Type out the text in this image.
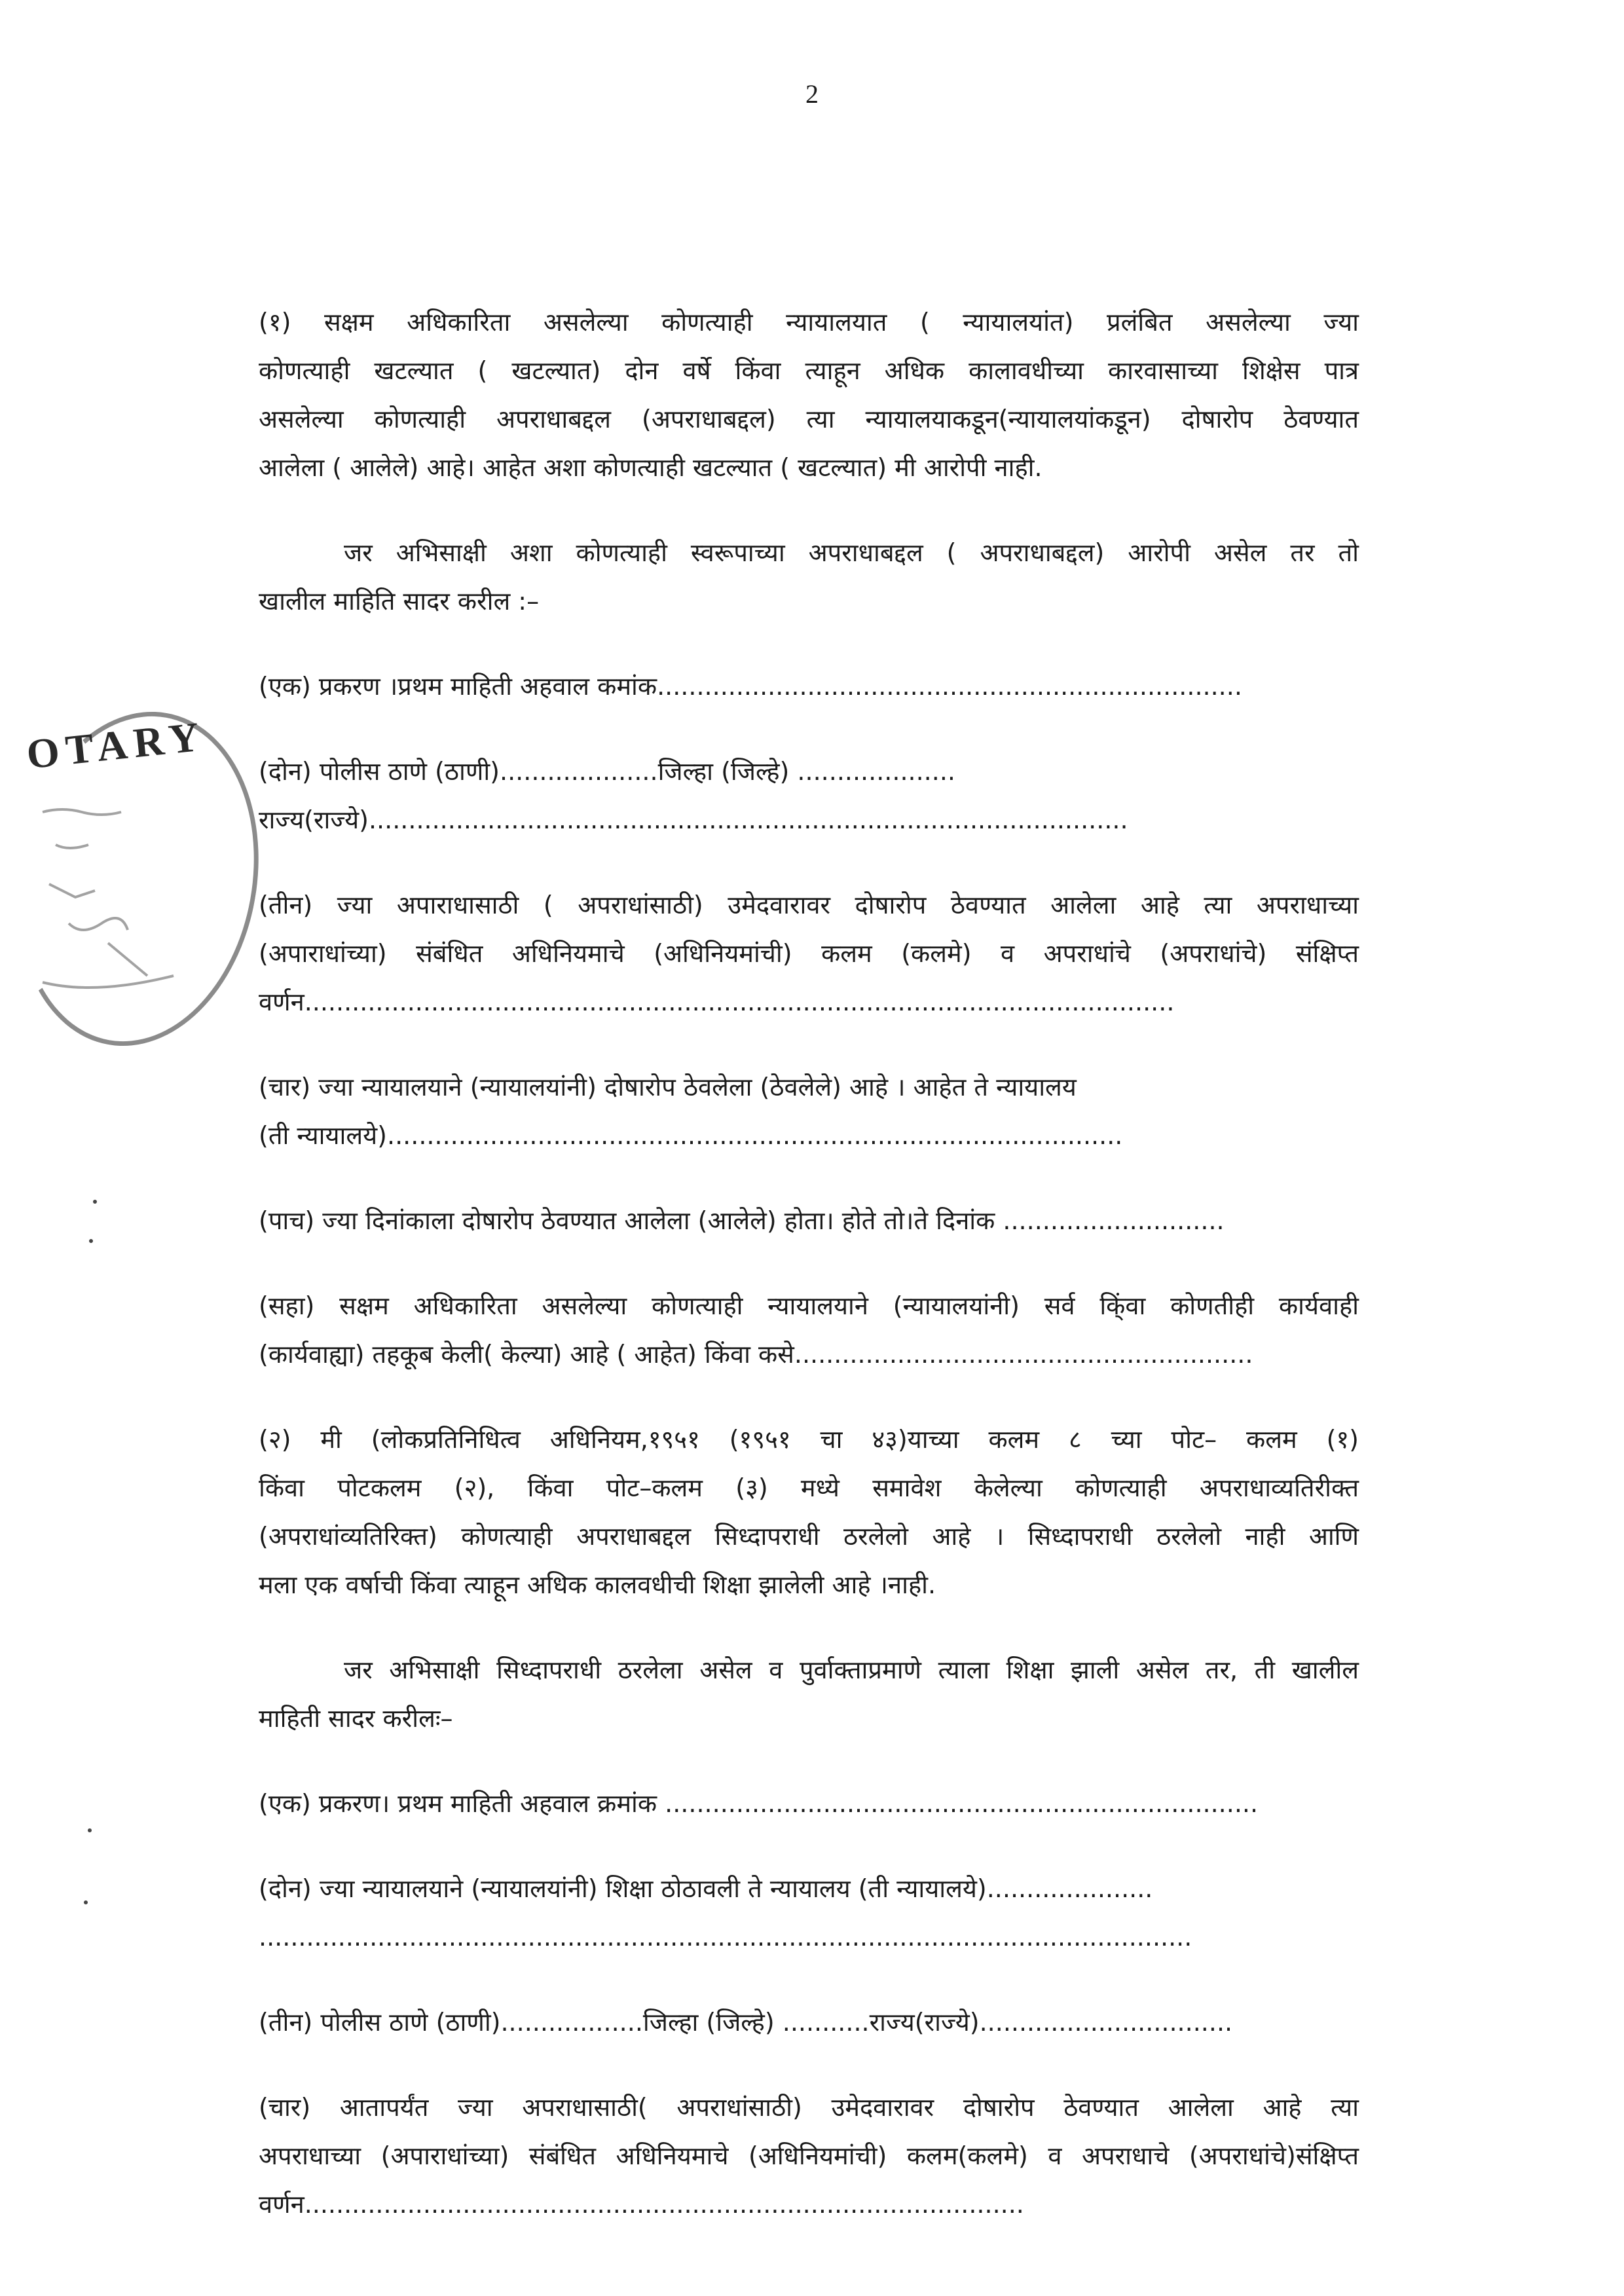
2
OTARY
(१) सक्षम अधिकारिता असलेल्या कोणत्याही न्यायालयात ( न्यायालयांत) प्रलंबित असलेल्या ज्या
कोणत्याही खटल्यात ( खटल्यात) दोन वर्षे किंवा त्याहून अधिक कालावधीच्या कारवासाच्या शिक्षेस पात्र
असलेल्या कोणत्याही अपराधाबद्दल (अपराधाबद्दल) त्या न्यायालयाकडून(न्यायालयांकडून) दोषारोप ठेवण्यात
आलेला ( आलेले) आहे। आहेत अशा कोणत्याही खटल्यात ( खटल्यात) मी आरोपी नाही.
जर अभिसाक्षी अशा कोणत्याही स्वरूपाच्या अपराधाबद्दल ( अपराधाबद्दल) आरोपी असेल तर तो
खालील माहिति सादर करील :–
(एक) प्रकरण ।प्रथम माहिती अहवाल कमांक..........................................................................
(दोन) पोलीस ठाणे (ठाणी)....................जिल्हा (जिल्हे) ....................
राज्य(राज्ये)................................................................................................
(तीन) ज्या अपाराधासाठी ( अपराधांसाठी) उमेदवारावर दोषारोप ठेवण्यात आलेला आहे त्या अपराधाच्या
(अपाराधांच्या) संबंधित अधिनियमाचे (अधिनियमांची) कलम (कलमे) व अपराधांचे (अपराधांचे) संक्षिप्त
वर्णन..............................................................................................................
(चार) ज्या न्यायालयाने (न्यायालयांनी) दोषारोप ठेवलेला (ठेवलेले) आहे । आहेत ते न्यायालय
(ती न्यायालये).............................................................................................
(पाच) ज्या दिनांकाला दोषारोप ठेवण्यात आलेला (आलेले) होता। होते तो।ते दिनांक ............................
(सहा) सक्षम अधिकारिता असलेल्या कोणत्याही न्यायालयाने (न्यायालयांनी) सर्व कि्ंवा कोणतीही कार्यवाही
(कार्यवाह्या) तहकूब केली( केल्या) आहे ( आहेत) किंवा कसे..........................................................
(२) मी (लोकप्रतिनिधित्व अधिनियम,१९५१ (१९५१ चा ४३)याच्या कलम ८ च्या पोट– कलम (१)
किंवा पोटकलम (२), किंवा पोट–कलम (३) मध्ये समावेश केलेल्या कोणत्याही अपराधाव्यतिरीक्त
(अपराधांव्यतिरिक्त) कोणत्याही अपराधाबद्दल सिध्दापराधी ठरलेलो आहे । सिध्दापराधी ठरलेलो नाही आणि
मला एक वर्षाची किंवा त्याहून अधिक कालवधीची शिक्षा झालेली आहे ।नाही.
जर अभिसाक्षी सिध्दापराधी ठरलेला असेल व पुर्वाक्ताप्रमाणे त्याला शिक्षा झाली असेल तर, ती खालील
माहिती सादर करीलः–
(एक) प्रकरण। प्रथम माहिती अहवाल क्रमांक ...........................................................................
(दोन) ज्या न्यायालयाने (न्यायालयांनी) शिक्षा ठोठावली ते न्यायालय (ती न्यायालये).....................
......................................................................................................................
(तीन) पोलीस ठाणे (ठाणी)..................जिल्हा (जिल्हे) ...........राज्य(राज्ये)................................
(चार) आतापर्यंत ज्या अपराधासाठी( अपराधांसाठी) उमेदवारावर दोषारोप ठेवण्यात आलेला आहे त्या
अपराधाच्या (अपाराधांच्या) संबंधित अधिनियमाचे (अधिनियमांची) कलम(कलमे) व अपराधाचे (अपराधांचे)संक्षिप्त
वर्णन...........................................................................................
